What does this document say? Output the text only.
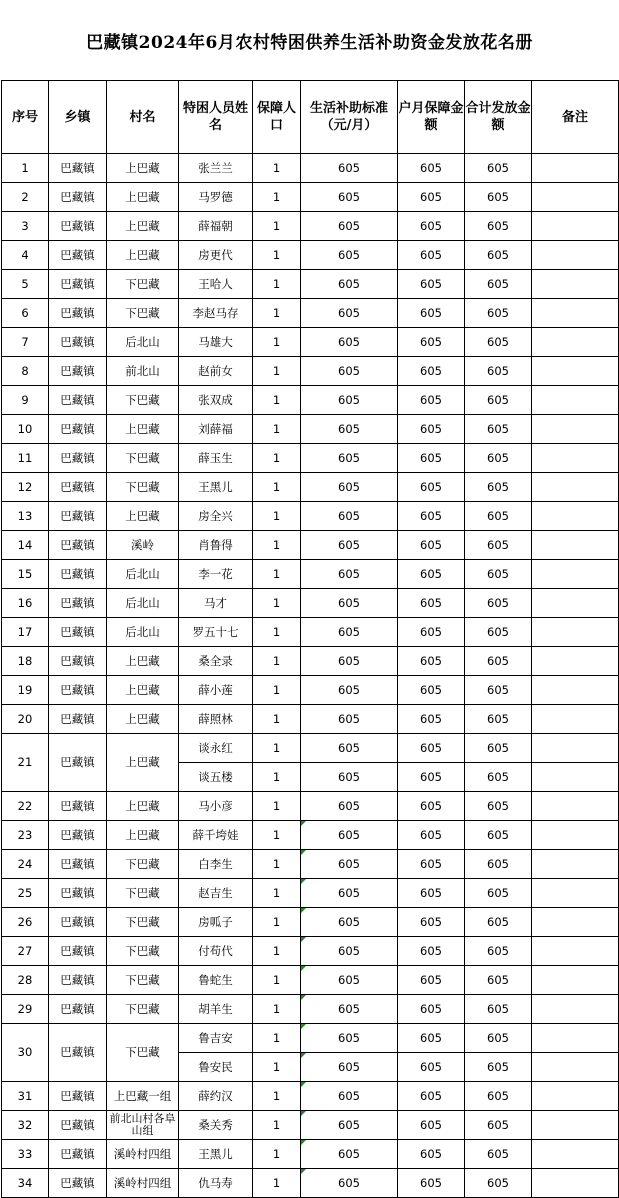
巴藏镇2024年6月农村特困供养生活补助资金发放花名册
序号	乡镇	村名	特困人员姓名	保障人口	生活补助标准（元/月）	户月保障金额	合计发放金额	备注
1	巴藏镇	上巴藏	张兰兰	1	605	605	605	
2	巴藏镇	上巴藏	马罗德	1	605	605	605	
3	巴藏镇	上巴藏	薛福朝	1	605	605	605	
4	巴藏镇	上巴藏	房更代	1	605	605	605	
5	巴藏镇	下巴藏	王哈人	1	605	605	605	
6	巴藏镇	下巴藏	李赵马存	1	605	605	605	
7	巴藏镇	后北山	马雄大	1	605	605	605	
8	巴藏镇	前北山	赵前女	1	605	605	605	
9	巴藏镇	下巴藏	张双成	1	605	605	605	
10	巴藏镇	上巴藏	刘薛福	1	605	605	605	
11	巴藏镇	下巴藏	薛玉生	1	605	605	605	
12	巴藏镇	下巴藏	王黑儿	1	605	605	605	
13	巴藏镇	上巴藏	房全兴	1	605	605	605	
14	巴藏镇	溪岭	肖鲁得	1	605	605	605	
15	巴藏镇	后北山	李一花	1	605	605	605	
16	巴藏镇	后北山	马才	1	605	605	605	
17	巴藏镇	后北山	罗五十七	1	605	605	605	
18	巴藏镇	上巴藏	桑全录	1	605	605	605	
19	巴藏镇	上巴藏	薛小莲	1	605	605	605	
20	巴藏镇	上巴藏	薛照林	1	605	605	605	
21	巴藏镇	上巴藏	谈永红	1	605	605	605	
			谈五楼	1	605	605	605	
22	巴藏镇	上巴藏	马小彦	1	605	605	605	
23	巴藏镇	上巴藏	薛千垮娃	1	605	605	605	
24	巴藏镇	下巴藏	白李生	1	605	605	605	
25	巴藏镇	下巴藏	赵吉生	1	605	605	605	
26	巴藏镇	下巴藏	房呱子	1	605	605	605	
27	巴藏镇	下巴藏	付苟代	1	605	605	605	
28	巴藏镇	下巴藏	鲁蛇生	1	605	605	605	
29	巴藏镇	下巴藏	胡羊生	1	605	605	605	
30	巴藏镇	下巴藏	鲁吉安	1	605	605	605	
			鲁安民	1	605	605	605	
31	巴藏镇	上巴藏一组	薛约汉	1	605	605	605	
32	巴藏镇	前北山村各阜山组	桑关秀	1	605	605	605	
33	巴藏镇	溪岭村四组	王黑儿	1	605	605	605	
34	巴藏镇	溪岭村四组	仇马寿	1	605	605	605	
